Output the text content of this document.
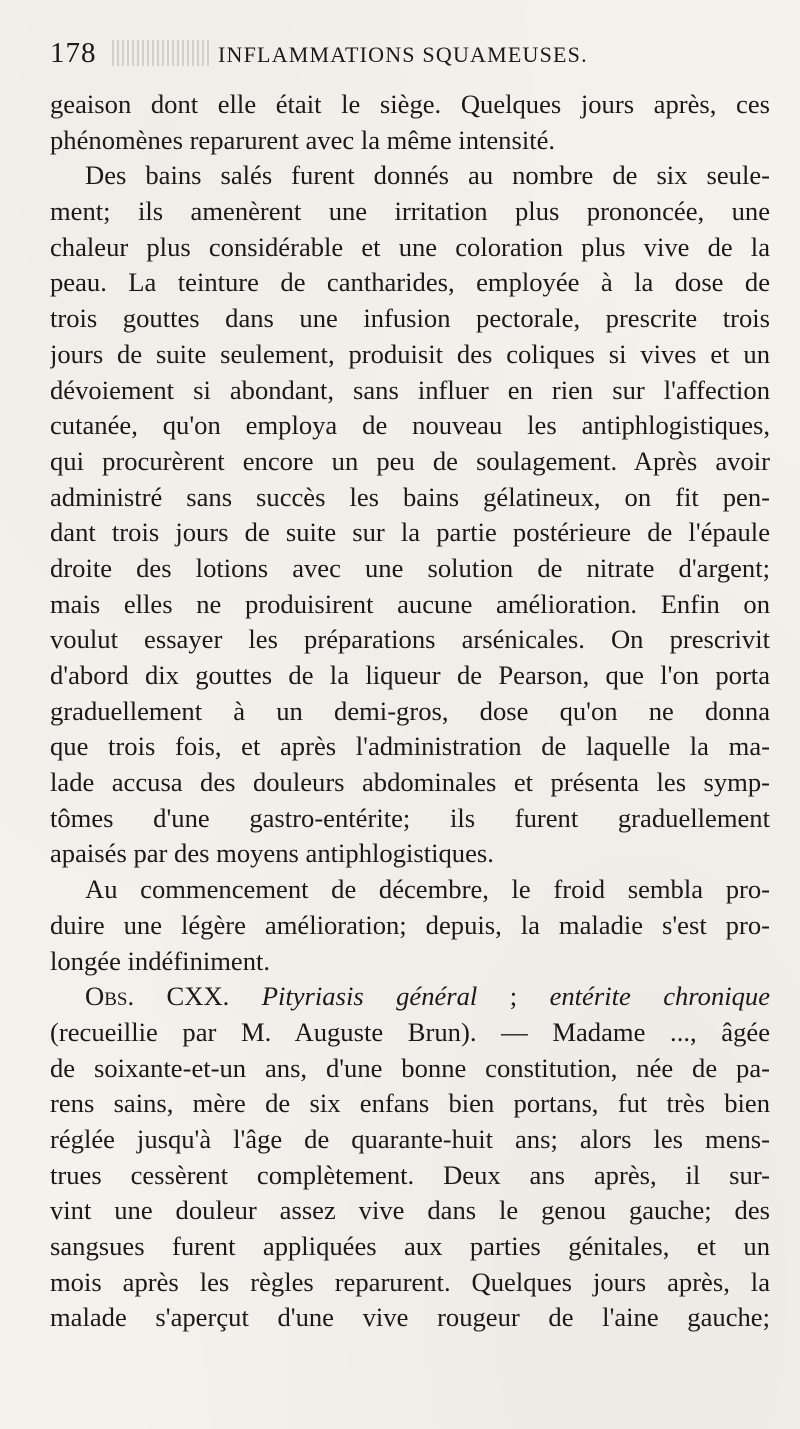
178	INFLAMMATIONS SQUAMEUSES.
geaison dont elle était le siège. Quelques jours après, ces
phénomènes reparurent avec la même intensité.
Des bains salés furent donnés au nombre de six seule-
ment; ils amenèrent une irritation plus prononcée, une
chaleur plus considérable et une coloration plus vive de la
peau. La teinture de cantharides, employée à la dose de
trois gouttes dans une infusion pectorale, prescrite trois
jours de suite seulement, produisit des coliques si vives et un
dévoiement si abondant, sans influer en rien sur l'affection
cutanée, qu'on employa de nouveau les antiphlogistiques,
qui procurèrent encore un peu de soulagement. Après avoir
administré sans succès les bains gélatineux, on fit pen-
dant trois jours de suite sur la partie postérieure de l'épaule
droite des lotions avec une solution de nitrate d'argent;
mais elles ne produisirent aucune amélioration. Enfin on
voulut essayer les préparations arsénicales. On prescrivit
d'abord dix gouttes de la liqueur de Pearson, que l'on porta
graduellement à un demi-gros, dose qu'on ne donna
que trois fois, et après l'administration de laquelle la ma-
lade accusa des douleurs abdominales et présenta les symp-
tômes d'une gastro-entérite; ils furent graduellement
apaisés par des moyens antiphlogistiques.
Au commencement de décembre, le froid sembla pro-
duire une légère amélioration; depuis, la maladie s'est pro-
longée indéfiniment.
Obs. CXX. Pityriasis général ; entérite chronique
(recueillie par M. Auguste Brun). — Madame ..., âgée
de soixante-et-un ans, d'une bonne constitution, née de pa-
rens sains, mère de six enfans bien portans, fut très bien
réglée jusqu'à l'âge de quarante-huit ans; alors les mens-
trues cessèrent complètement. Deux ans après, il sur-
vint une douleur assez vive dans le genou gauche; des
sangsues furent appliquées aux parties génitales, et un
mois après les règles reparurent. Quelques jours après, la
malade s'aperçut d'une vive rougeur de l'aine gauche;
